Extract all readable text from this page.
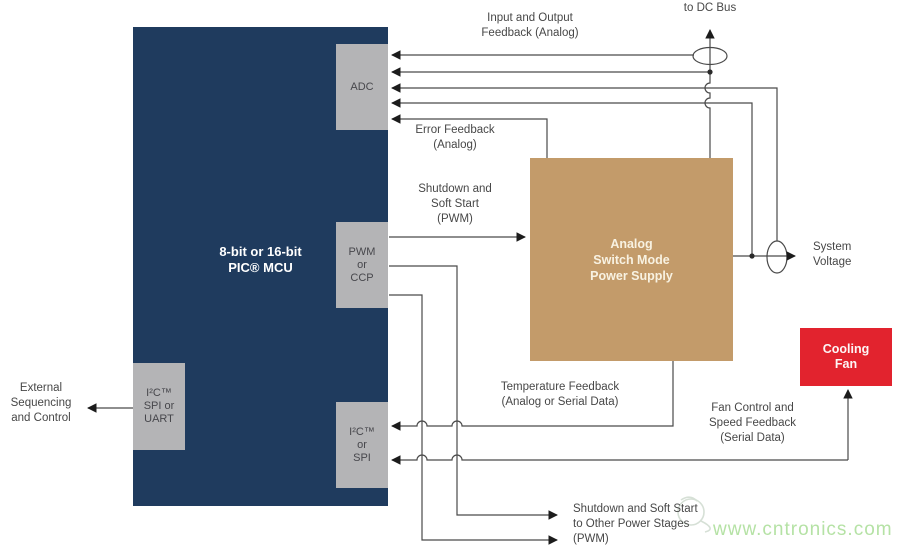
8-bit or 16-bit
PIC® MCU
ADC
PWM
or
CCP
I²C™
or
SPI
I²C™
SPI or
UART
Analog
Switch Mode
Power Supply
Cooling
Fan
Input and Output
Feedback (Analog)
to DC Bus
Error Feedback
(Analog)
Shutdown and
Soft Start
(PWM)
System
Voltage
Temperature Feedback
(Analog or Serial Data)	Fan Control and
Speed Feedback
(Serial Data)
External
Sequencing
and Control
Shutdown and Soft Start
to Other Power Stages
(PWM)	www.cntronics.com
